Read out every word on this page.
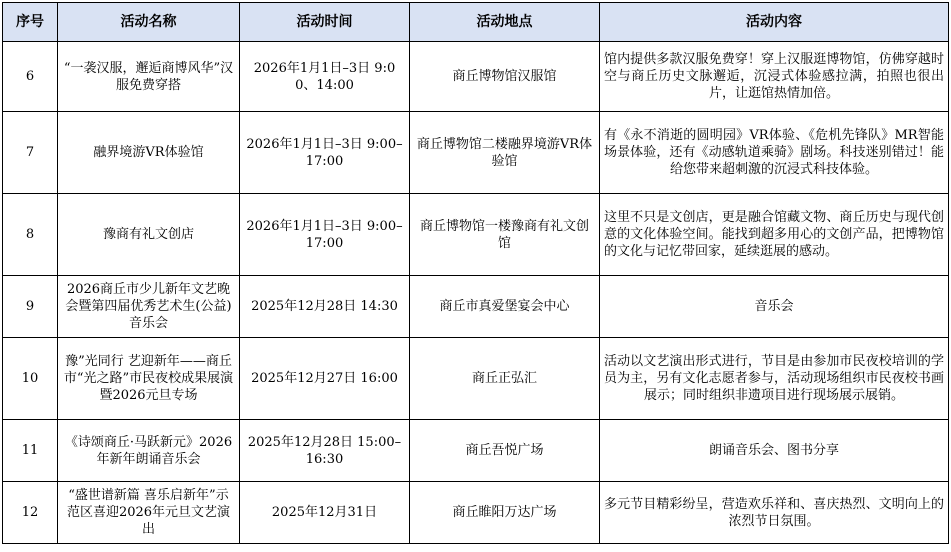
序号	活动名称	活动时间	活动地点	活动内容
6	“一袭汉服，邂逅商博风华”汉服免费穿搭	2026年1月1日–3日 9:00、14:00	商丘博物馆汉服馆	馆内提供多款汉服免费穿！穿上汉服逛博物馆，仿佛穿越时空与商丘历史文脉邂逅，沉浸式体验感拉满，拍照也很出片，让逛馆热情加倍。
7	融界境游VR体验馆	2026年1月1日–3日 9:00–17:00	商丘博物馆二楼融界境游VR体验馆	有《永不消逝的圆明园》VR体验、《危机先锋队》MR智能场景体验，还有《动感轨道乘骑》剧场。科技迷别错过！能给您带来超刺激的沉浸式科技体验。
8	豫商有礼文创店	2026年1月1日–3日 9:00–17:00	商丘博物馆一楼豫商有礼文创馆	这里不只是文创店，更是融合馆藏文物、商丘历史与现代创意的文化体验空间。能找到超多用心的文创产品，把博物馆的文化与记忆带回家，延续逛展的感动。
9	2026商丘市少儿新年文艺晚会暨第四届优秀艺术生(公益)音乐会	2025年12月28日 14:30	商丘市真爱堡宴会中心	音乐会
10	豫”光同行 艺迎新年——商丘市“光之路”市民夜校成果展演暨2026元旦专场	2025年12月27日 16:00	商丘正弘汇	活动以文艺演出形式进行，节目是由参加市民夜校培训的学员为主，另有文化志愿者参与，活动现场组织市民夜校书画展示；同时组织非遗项目进行现场展示展销。
11	《诗颂商丘·马跃新元》2026年新年朗诵音乐会	2025年12月28日 15:00–16:30	商丘吾悦广场	朗诵音乐会、图书分享
12	“盛世谱新篇 喜乐启新年”示范区喜迎2026年元旦文艺演出	2025年12月31日	商丘睢阳万达广场	多元节目精彩纷呈，营造欢乐祥和、喜庆热烈、文明向上的浓烈节日氛围。
